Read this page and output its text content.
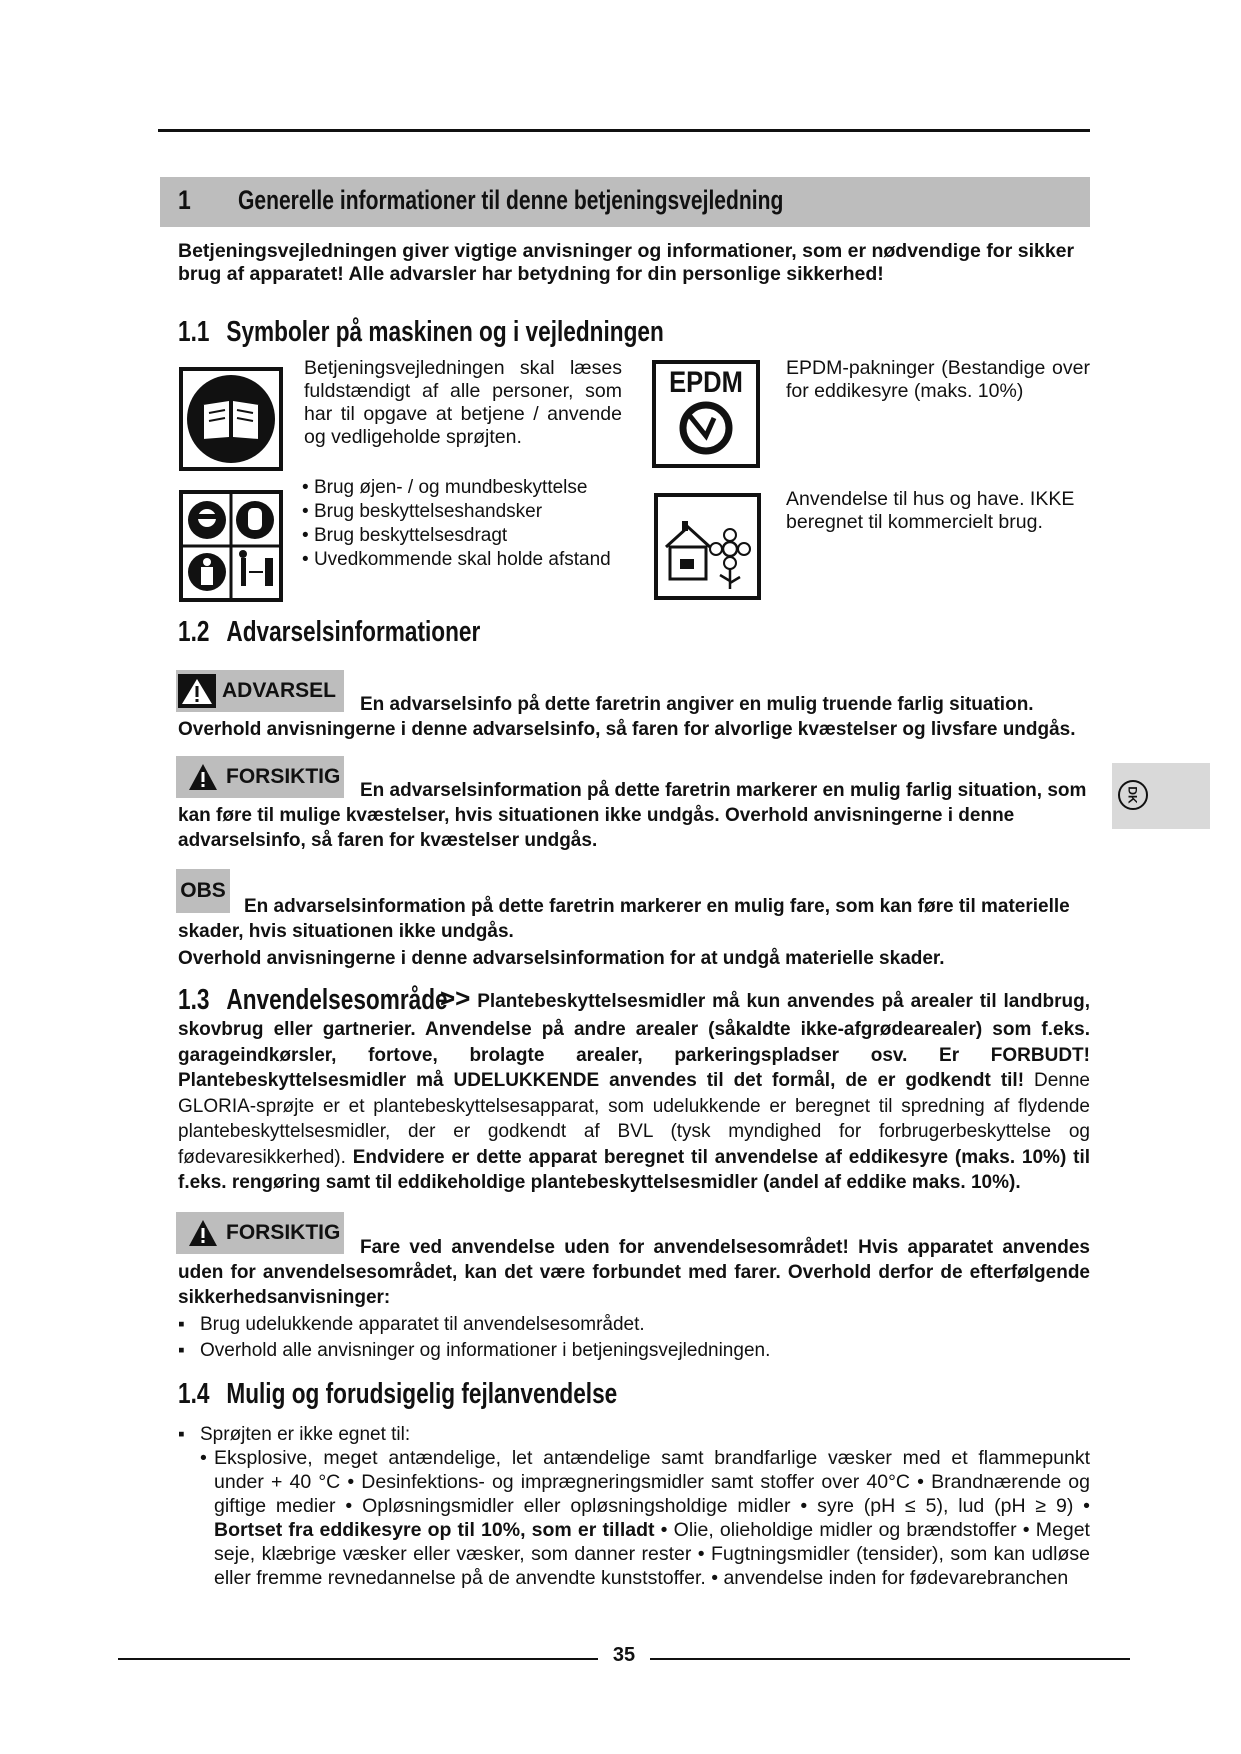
1 Generelle informationer til denne betjeningsvejledning
Betjeningsvejledningen giver vigtige anvisninger og informationer, som er nødvendige for sikker brug af apparatet! Alle advarsler har betydning for din personlige sikkerhed!
1.1 Symboler på maskinen og i vejledningen
Betjeningsvejledningen skal læses fuldstændigt af alle personer, som har til opgave at betjene / anvende og vedligeholde sprøjten.
• Brug øjen- / og mundbeskyttelse
• Brug beskyttelseshandsker
• Brug beskyttelsesdragt
• Uvedkommende skal holde afstand
EPDM EPDM-pakninger (Bestandige over for eddikesyre (maks. 10%)
Anvendelse til hus og have. IKKE beregnet til kommercielt brug.
1.2 Advarselsinformationer
ADVARSEL
En advarselsinfo på dette faretrin angiver en mulig truende farlig situation. Overhold anvisningerne i denne advarselsinfo, så faren for alvorlige kvæstelser og livsfare undgås.
FORSIKTIG
En advarselsinformation på dette faretrin markerer en mulig farlig situation, som kan føre til mulige kvæstelser, hvis situationen ikke undgås. Overhold anvisningerne i denne advarselsinfo, så faren for kvæstelser undgås.
OBS
En advarselsinformation på dette faretrin markerer en mulig fare, som kan føre til materielle skader, hvis situationen ikke undgås.
Overhold anvisningerne i denne advarselsinformation for at undgå materielle skader.
1.3 Anvendelsesområde>> Plantebeskyttelsesmidler må kun anvendes på arealer til landbrug, skovbrug eller gartnerier. Anvendelse på andre arealer (såkaldte ikke-afgrødearealer) som f.eks. garageindkørsler, fortove, brolagte arealer, parkeringspladser osv. Er FORBUDT! Plantebeskyttelsesmidler må UDELUKKENDE anvendes til det formål, de er godkendt til! Denne GLORIA-sprøjte er et plantebeskyttelsesapparat, som udelukkende er beregnet til spredning af flydende plantebeskyttelsesmidler, der er godkendt af BVL (tysk myndighed for forbrugerbeskyttelse og fødevaresikkerhed). Endvidere er dette apparat beregnet til anvendelse af eddikesyre (maks. 10%) til f.eks. rengøring samt til eddikeholdige plantebeskyttelsesmidler (andel af eddike maks. 10%).
FORSIKTIG
Fare ved anvendelse uden for anvendelsesområdet! Hvis apparatet anvendes uden for anvendelsesområdet, kan det være forbundet med farer. Overhold derfor de efterfølgende sikkerhedsanvisninger:
▪ Brug udelukkende apparatet til anvendelsesområdet.
▪ Overhold alle anvisninger og informationer i betjeningsvejledningen.
1.4 Mulig og forudsigelig fejlanvendelse
▪ Sprøjten er ikke egnet til:
• Eksplosive, meget antændelige, let antændelige samt brandfarlige væsker med et flammepunkt under + 40 °C • Desinfektions- og imprægneringsmidler samt stoffer over 40°C • Brandnærende og giftige medier • Opløsningsmidler eller opløsningsholdige midler • syre (pH ≤ 5), lud (pH ≥ 9) • Bortset fra eddikesyre op til 10%, som er tilladt • Olie, olieholdige midler og brændstoffer • Meget seje, klæbrige væsker eller væsker, som danner rester • Fugtningsmidler (tensider), som kan udløse eller fremme revnedannelse på de anvendte kunststoffer. • anvendelse inden for fødevarebranchen
DK
35
